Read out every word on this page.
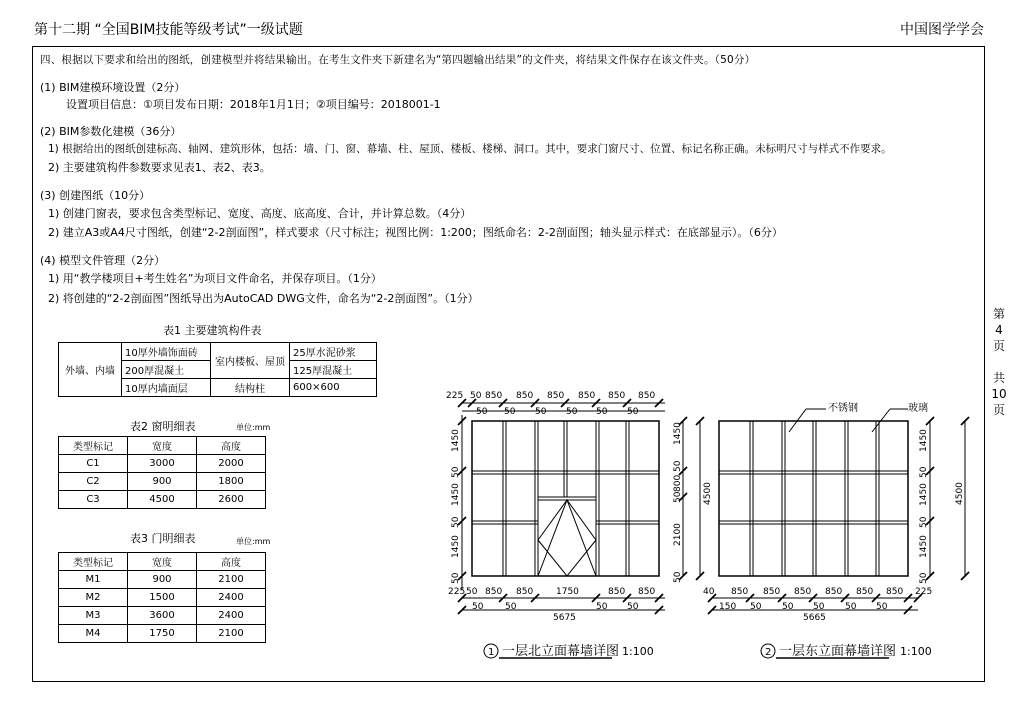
第十二期 “全国BIM技能等级考试”一级试题	中国图学学会
四、根据以下要求和给出的图纸，创建模型并将结果输出。在考生文件夹下新建名为“第四题输出结果”的文件夹，将结果文件保存在该文件夹。（50分）
(1) BIM建模环境设置（2分）
设置项目信息：①项目发布日期：2018年1月1日；②项目编号：2018001-1
(2) BIM参数化建模（36分）
1) 根据给出的图纸创建标高、轴网、建筑形体，包括：墙、门、窗、幕墙、柱、屋顶、楼板、楼梯、洞口。其中，要求门窗尺寸、位置、标记名称正确。未标明尺寸与样式不作要求。
2) 主要建筑构件参数要求见表1、表2、表3。
(3) 创建图纸（10分）
1) 创建门窗表，要求包含类型标记、宽度、高度、底高度、合计，并计算总数。（4分）
2) 建立A3或A4尺寸图纸，创建“2-2剖面图”，样式要求（尺寸标注；视图比例：1:200；图纸命名：2-2剖面图；轴头显示样式：在底部显示）。（6分）
(4) 模型文件管理（2分）
1) 用“教学楼项目+考生姓名”为项目文件命名，并保存项目。（1分）
2) 将创建的“2-2剖面图”图纸导出为AutoCAD DWG文件，命名为“2-2剖面图”。（1分）
第
4
页
共
10
页
表1 主要建筑构件表
外墙、内墙	10厚外墙饰面砖	室内楼板、屋顶	25厚水泥砂浆
	200厚混凝土		125厚混凝土
	10厚内墙面层	结构柱	600×600
表2 窗明细表	单位:mm
类型标记	宽度	高度
C1	3000	2000
C2	900	1800
C3	4500	2600
表3 门明细表	单位:mm
类型标记	宽度	高度
M1	900	2100
M2	1500	2400
M3	3600	2400
M4	1750	2100
225 50 850 850 850 850 850 850
50 50 50 50 50 50
1450
50
1450
50
1450
50
1450
50
800
50
2100
50
4500
225 50 850 850	1750	850 850
50 50	50 50
5675
不锈钢	玻璃
1450
50
1450
50
1450
50
4500
40 850 850 850 850 850 850 225
150 50 50 50 50 50
5665
1 一层北立面幕墙详图 1:100	2 一层东立面幕墙详图 1:100
